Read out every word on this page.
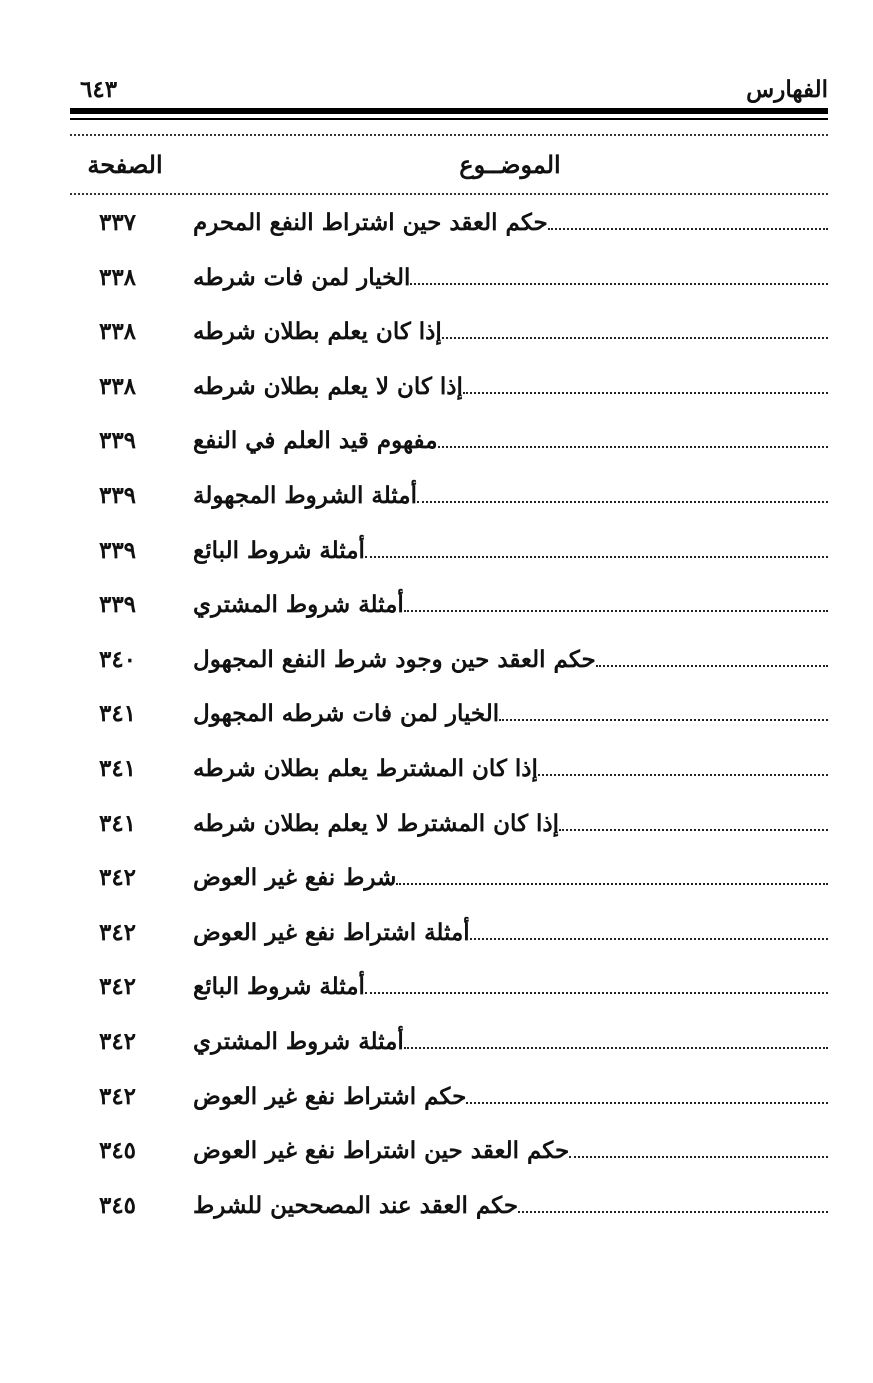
الفهارس
٦٤٣
الموضــوع
الصفحة
حكم العقد حين اشتراط النفع المحرم
٣٣٧
الخيار لمن فات شرطه
٣٣٨
إذا كان يعلم بطلان شرطه
٣٣٨
إذا كان لا يعلم بطلان شرطه
٣٣٨
مفهوم قيد العلم في النفع
٣٣٩
أمثلة الشروط المجهولة
٣٣٩
أمثلة شروط البائع
٣٣٩
أمثلة شروط المشتري
٣٣٩
حكم العقد حين وجود شرط النفع المجهول
٣٤٠
الخيار لمن فات شرطه المجهول
٣٤١
إذا كان المشترط يعلم بطلان شرطه
٣٤١
إذا كان المشترط لا يعلم بطلان شرطه
٣٤١
شرط نفع غير العوض
٣٤٢
أمثلة اشتراط نفع غير العوض
٣٤٢
أمثلة شروط البائع
٣٤٢
أمثلة شروط المشتري
٣٤٢
حكم اشتراط نفع غير العوض
٣٤٢
حكم العقد حين اشتراط نفع غير العوض
٣٤٥
حكم العقد عند المصححين للشرط
٣٤٥
